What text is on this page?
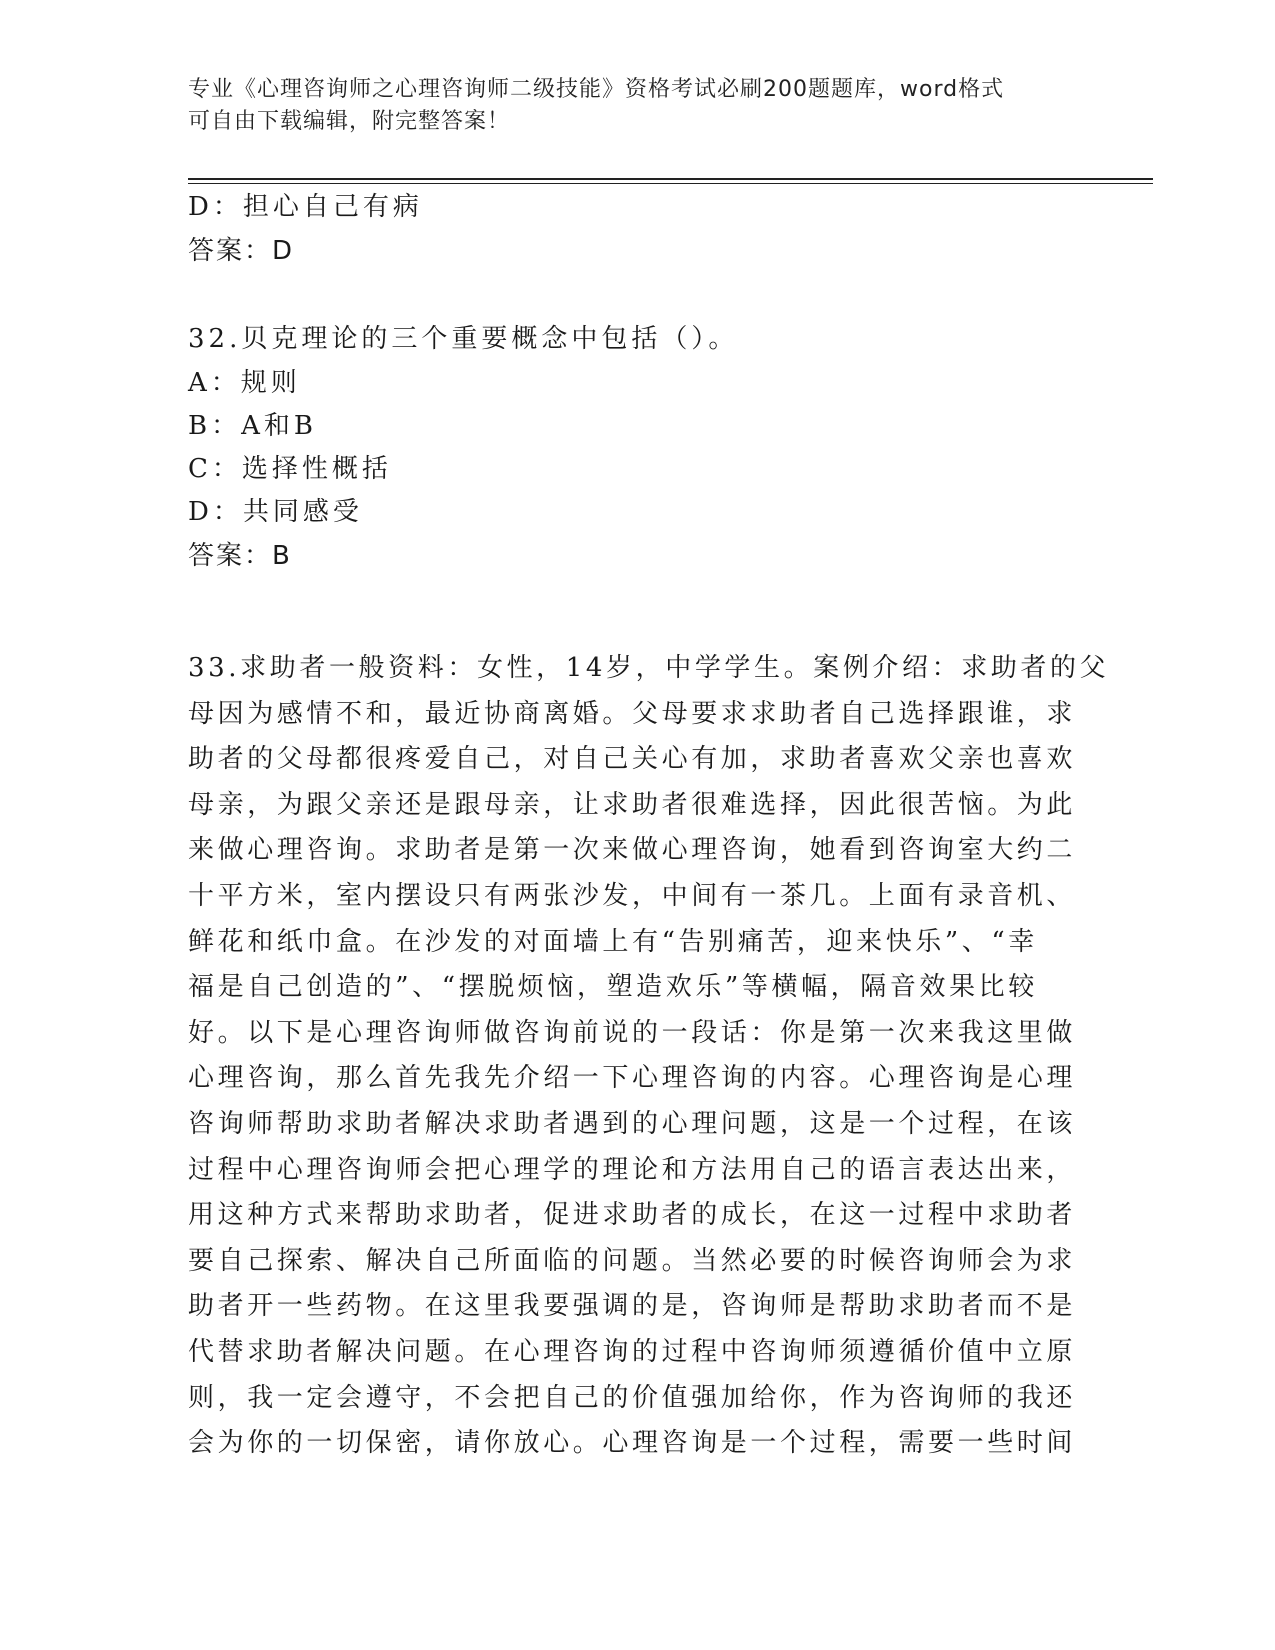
专业《心理咨询师之心理咨询师二级技能》资格考试必刷200题题库，word格式

可自由下载编辑，附完整答案！

D：担心自己有病

答案：D

32.贝克理论的三个重要概念中包括（）。

A：规则

B：A和B

C：选择性概括

D：共同感受

答案：B

33.求助者一般资料：女性，14岁，中学学生。案例介绍：求助者的父
母因为感情不和，最近协商离婚。父母要求求助者自己选择跟谁，求
助者的父母都很疼爱自己，对自己关心有加，求助者喜欢父亲也喜欢
母亲，为跟父亲还是跟母亲，让求助者很难选择，因此很苦恼。为此
来做心理咨询。求助者是第一次来做心理咨询，她看到咨询室大约二
十平方米，室内摆设只有两张沙发，中间有一茶几。上面有录音机、
鲜花和纸巾盒。在沙发的对面墙上有“告别痛苦，迎来快乐”、“幸
福是自己创造的”、“摆脱烦恼，塑造欢乐”等横幅，隔音效果比较
好。以下是心理咨询师做咨询前说的一段话：你是第一次来我这里做
心理咨询，那么首先我先介绍一下心理咨询的内容。心理咨询是心理
咨询师帮助求助者解决求助者遇到的心理问题，这是一个过程，在该
过程中心理咨询师会把心理学的理论和方法用自己的语言表达出来，
用这种方式来帮助求助者，促进求助者的成长，在这一过程中求助者
要自己探索、解决自己所面临的问题。当然必要的时候咨询师会为求
助者开一些药物。在这里我要强调的是，咨询师是帮助求助者而不是
代替求助者解决问题。在心理咨询的过程中咨询师须遵循价值中立原
则，我一定会遵守，不会把自己的价值强加给你，作为咨询师的我还
会为你的一切保密，请你放心。心理咨询是一个过程，需要一些时间
